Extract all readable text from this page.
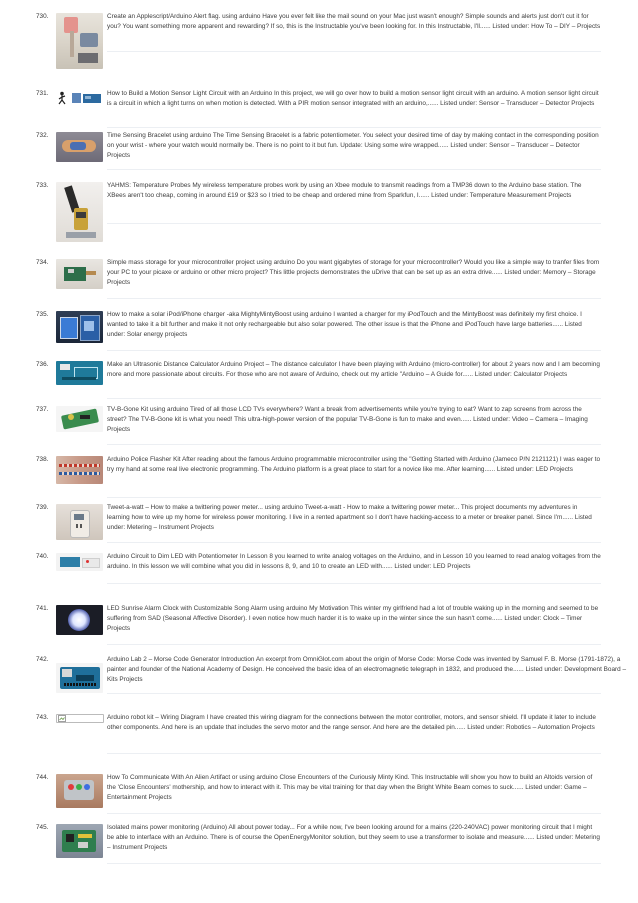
730.	Create an Applescript/Arduino Alert flag. using arduino Have you ever felt like the mail sound on your Mac just wasn't enough? Simple sounds and alerts just don't cut it for you? You want something more apparent and rewarding? If so, this is the Instructable you've been looking for. In this Instructable, I'll...... Listed under: How To – DIY – Projects
731.	How to Build a Motion Sensor Light Circuit with an Arduino In this project, we will go over how to build a motion sensor light circuit with an arduino. A motion sensor light circuit is a circuit in which a light turns on when motion is detected. With a PIR motion sensor integrated with an arduino,...... Listed under: Sensor – Transducer – Detector Projects
732.	Time Sensing Bracelet using arduino The Time Sensing Bracelet is a fabric potentiometer. You select your desired time of day by making contact in the corresponding position on your wrist - where your watch would normally be. There is no point to it but fun. Update: Using some wire wrapped...... Listed under: Sensor – Transducer – Detector Projects
733.	YAHMS: Temperature Probes My wireless temperature probes work by using an Xbee module to transmit readings from a TMP36 down to the Arduino base station. The XBees aren't too cheap, coming in around £19 or $23 so I tried to be cheap and ordered mine from Sparkfun, I...... Listed under: Temperature Measurement Projects
734.	Simple mass storage for your microcontroller project using arduino Do you want gigabytes of storage for your microcontroller? Would you like a simple way to tranfer files from your PC to your picaxe or arduino or other micro project? This little projects demonstrates the uDrive that can be set up as an extra drive...... Listed under: Memory – Storage Projects
735.	How to make a solar iPod/iPhone charger -aka MightyMintyBoost using arduino I wanted a charger for my iPodTouch and the MintyBoost was definitely my first choice. I wanted to take it a bit further and make it not only rechargeable but also solar powered. The other issue is that the iPhone and iPodTouch have large batteries...... Listed under: Solar energy projects
736.	Make an Ultrasonic Distance Calculator Arduino Project – The distance calculator I have been playing with Arduino (micro-controller) for about 2 years now and I am becoming more and more passionate about circuits. For those who are not aware of Arduino, check out my article "Arduino – A Guide for...... Listed under: Calculator Projects
737.	TV-B-Gone Kit using arduino Tired of all those LCD TVs everywhere? Want a break from advertisements while you're trying to eat? Want to zap screens from across the street? The TV-B-Gone kit is what you need! This ultra-high-power version of the popular TV-B-Gone is fun to make and even...... Listed under: Video – Camera – Imaging Projects
738.	Arduino Police Flasher Kit After reading about the famous Arduino programmable microcontroller using the "Getting Started with Arduino (Jameco P/N 2121121) I was eager to try my hand at some real live electronic programming. The Arduino platform is a great place to start for a novice like me. After learning...... Listed under: LED Projects
739.	Tweet-a-watt – How to make a twittering power meter... using arduino Tweet-a-watt - How to make a twittering power meter... This project documents my adventures in learning how to wire up my home for wireless power monitoring. I live in a rented apartment so I don't have hacking-access to a meter or breaker panel. Since I'm...... Listed under: Metering – Instrument Projects
740.	Arduino Circuit to Dim LED with Potentiometer In Lesson 8 you learned to write analog voltages on the Arduino, and in Lesson 10 you learned to read analog voltages from the arduino. In this lesson we will combine what you did in lessons 8, 9, and 10 to create an LED with...... Listed under: LED Projects
741.	LED Sunrise Alarm Clock with Customizable Song Alarm using arduino My Motivation This winter my girlfriend had a lot of trouble waking up in the morning and seemed to be suffering from SAD (Seasonal Affective Disorder). I even notice how much harder it is to wake up in the winter since the sun hasn't come...... Listed under: Clock – Timer Projects
742.	Arduino Lab 2 – Morse Code Generator Introduction An excerpt from OmniGlot.com about the origin of Morse Code: Morse Code was invented by Samuel F. B. Morse (1791-1872), a painter and founder of the National Academy of Design. He conceived the basic idea of an electromagnetic telegraph in 1832, and produced the...... Listed under: Development Board – Kits Projects
743.	Arduino robot kit – Wiring Diagram I have created this wiring diagram for the connections between the motor controller, motors, and sensor shield. I'll update it later to include other components. And here is an update that includes the servo motor and the range sensor. And here are the detailed pin...... Listed under: Robotics – Automation Projects
744.	How To Communicate With An Alien Artifact or using arduino Close Encounters of the Curiously Minty Kind. This Instructable will show you how to build an Altoids version of the 'Close Encounters' mothership, and how to interact with it. This may be vital training for that day when the Bright White Beam comes to suck...... Listed under: Game – Entertainment Projects
745.	Isolated mains power monitoring (Arduino) All about power today... For a while now, I've been looking around for a mains (220-240VAC) power monitoring circuit that I might be able to interface with an Arduino. There is of course the OpenEnergyMonitor solution, but they seem to use a transformer to isolate and measure...... Listed under: Metering – Instrument Projects
